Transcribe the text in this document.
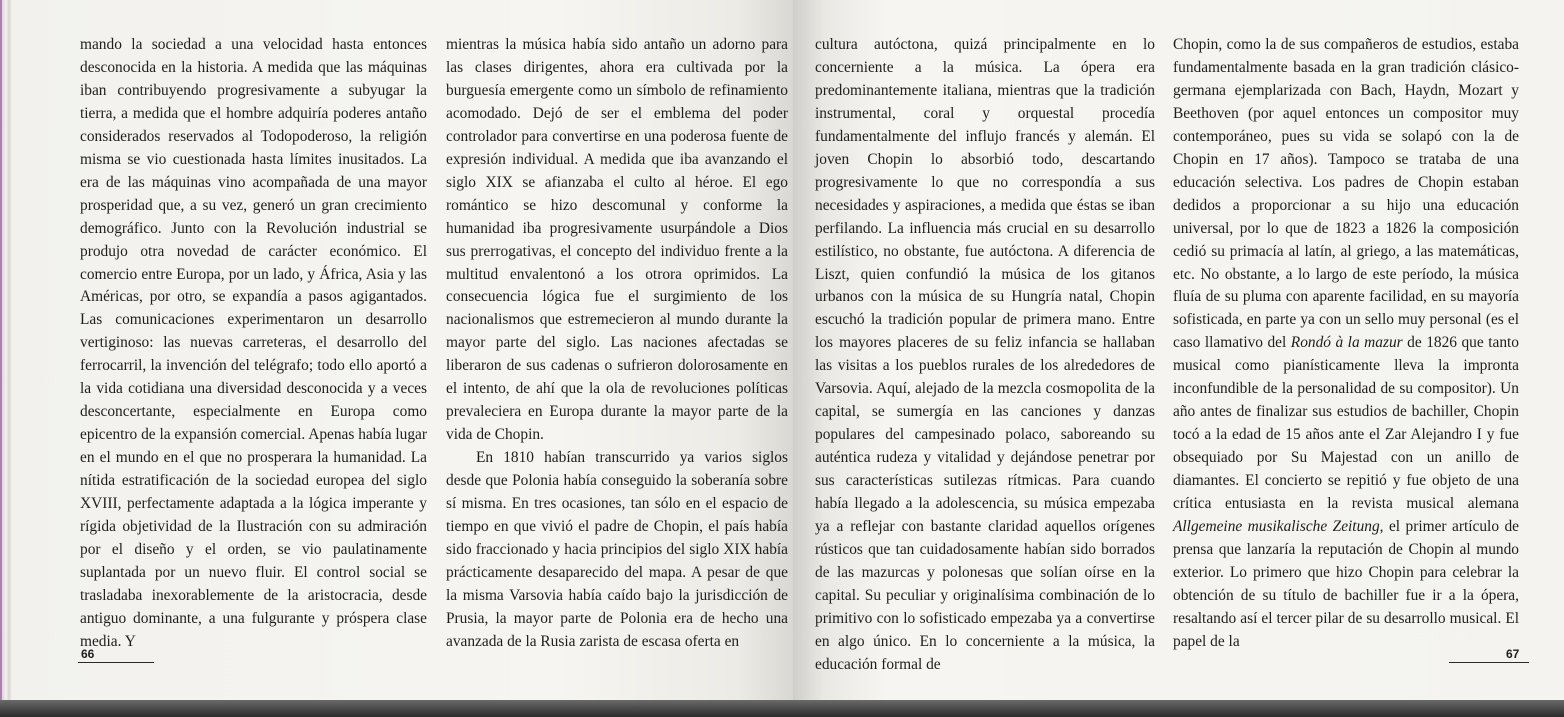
mando la sociedad a una velocidad hasta entonces desconocida en la historia. A medida que las máquinas iban contribuyendo progresivamente a subyugar la tierra, a medida que el hombre adquiría poderes antaño considerados reservados al Todopoderoso, la religión misma se vio cuestionada hasta límites inusitados. La era de las máquinas vino acompañada de una mayor prosperidad que, a su vez, generó un gran crecimiento demográfico. Junto con la Revolución industrial se produjo otra novedad de carácter económico. El comercio entre Europa, por un lado, y África, Asia y las Américas, por otro, se expandía a pasos agigantados. Las comunicaciones experimentaron un desarrollo vertiginoso: las nuevas carreteras, el desarrollo del ferrocarril, la invención del telégrafo; todo ello aportó a la vida cotidiana una diversidad desconocida y a veces desconcertante, especialmente en Europa como epicentro de la expansión comercial. Apenas había lugar en el mundo en el que no prosperara la humanidad. La nítida estratificación de la sociedad europea del siglo XVIII, perfectamente adaptada a la lógica imperante y rígida objetividad de la Ilustración con su admiración por el diseño y el orden, se vio paulatinamente suplantada por un nuevo fluir. El control social se trasladaba inexorablemente de la aristocracia, desde antiguo dominante, a una fulgurante y próspera clase media. Y

mientras la música había sido antaño un adorno para las clases dirigentes, ahora era cultivada por la burguesía emergente como un símbolo de refinamiento acomodado. Dejó de ser el emblema del poder controlador para convertirse en una poderosa fuente de expresión individual. A medida que iba avanzando el siglo XIX se afianzaba el culto al héroe. El ego romántico se hizo descomunal y conforme la humanidad iba progresivamente usurpándole a Dios sus prerrogativas, el concepto del individuo frente a la multitud envalentonó a los otrora oprimidos. La consecuencia lógica fue el surgimiento de los nacionalismos que estremecieron al mundo durante la mayor parte del siglo. Las naciones afectadas se liberaron de sus cadenas o sufrieron dolorosamente en el intento, de ahí que la ola de revoluciones políticas prevaleciera en Europa durante la mayor parte de la vida de Chopin.

En 1810 habían transcurrido ya varios siglos desde que Polonia había conseguido la soberanía sobre sí misma. En tres ocasiones, tan sólo en el espacio de tiempo en que vivió el padre de Chopin, el país había sido fraccionado y hacia principios del siglo XIX había prácticamente desaparecido del mapa. A pesar de que la misma Varsovia había caído bajo la jurisdicción de Prusia, la mayor parte de Polonia era de hecho una avanzada de la Rusia zarista de escasa oferta en

66

cultura autóctona, quizá principalmente en lo concerniente a la música. La ópera era predominantemente italiana, mientras que la tradición instrumental, coral y orquestal procedía fundamentalmente del influjo francés y alemán. El joven Chopin lo absorbió todo, descartando progresivamente lo que no correspondía a sus necesidades y aspiraciones, a medida que éstas se iban perfilando. La influencia más crucial en su desarrollo estilístico, no obstante, fue autóctona. A diferencia de Liszt, quien confundió la música de los gitanos urbanos con la música de su Hungría natal, Chopin escuchó la tradición popular de primera mano. Entre los mayores placeres de su feliz infancia se hallaban las visitas a los pueblos rurales de los alrededores de Varsovia. Aquí, alejado de la mezcla cosmopolita de la capital, se sumergía en las canciones y danzas populares del campesinado polaco, saboreando su auténtica rudeza y vitalidad y dejándose penetrar por sus características sutilezas rítmicas. Para cuando había llegado a la adolescencia, su música empezaba ya a reflejar con bastante claridad aquellos orígenes rústicos que tan cuidadosamente habían sido borrados de las mazurcas y polonesas que solían oírse en la capital. Su peculiar y originalísima combinación de lo primitivo con lo sofisticado empezaba ya a convertirse en algo único. En lo concerniente a la música, la educación formal de

Chopin, como la de sus compañeros de estudios, estaba fundamentalmente basada en la gran tradición clásico-germana ejemplarizada con Bach, Haydn, Mozart y Beethoven (por aquel entonces un compositor muy contemporáneo, pues su vida se solapó con la de Chopin en 17 años). Tampoco se trataba de una educación selectiva. Los padres de Chopin estaban dedidos a proporcionar a su hijo una educación universal, por lo que de 1823 a 1826 la composición cedió su primacía al latín, al griego, a las matemáticas, etc. No obstante, a lo largo de este período, la música fluía de su pluma con aparente facilidad, en su mayoría sofisticada, en parte ya con un sello muy personal (es el caso llamativo del Rondó à la mazur de 1826 que tanto musical como pianísticamente lleva la impronta inconfundible de la personalidad de su compositor). Un año antes de finalizar sus estudios de bachiller, Chopin tocó a la edad de 15 años ante el Zar Alejandro I y fue obsequiado por Su Majestad con un anillo de diamantes. El concierto se repitió y fue objeto de una crítica entusiasta en la revista musical alemana Allgemeine musikalische Zeitung, el primer artículo de prensa que lanzaría la reputación de Chopin al mundo exterior. Lo primero que hizo Chopin para celebrar la obtención de su título de bachiller fue ir a la ópera, resaltando así el tercer pilar de su desarrollo musical. El papel de la

67
